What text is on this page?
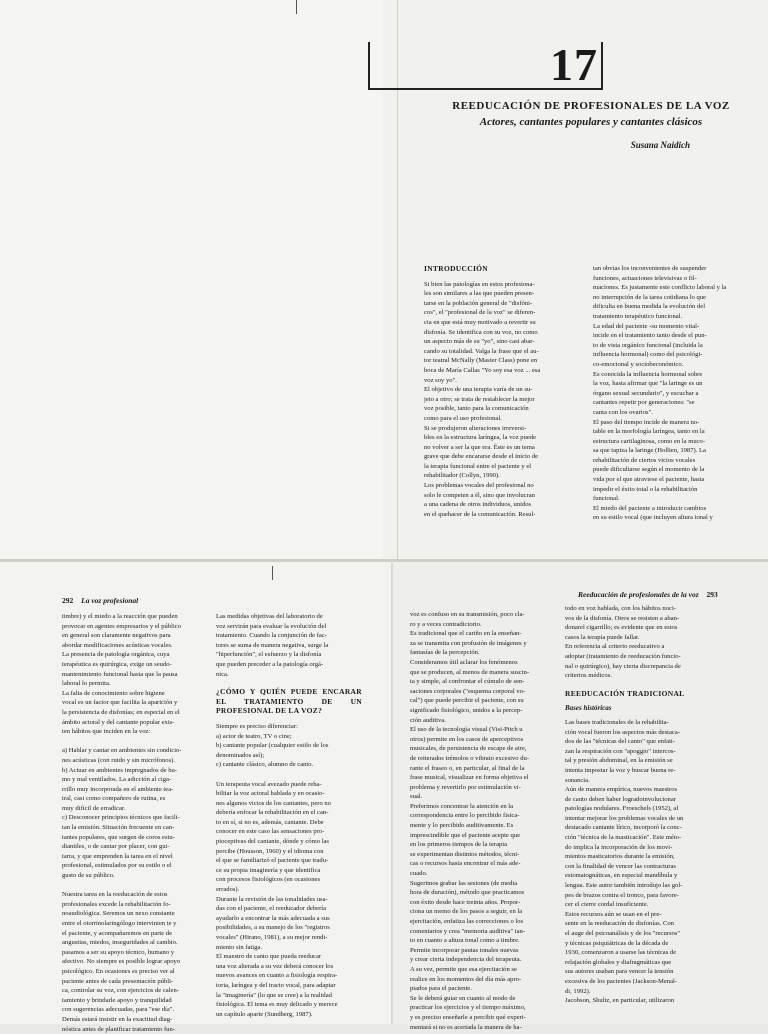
17
REEDUCACIÓN DE PROFESIONALES DE LA VOZ
Actores, cantantes populares y cantantes clásicos
Susana Naidich
INTRODUCCIÓN
Si bien las patologías en estos profesiona-
les son similares a las que pueden presen-
tarse en la población general de "disfóni-
cos", el "profesional de la voz" se diferen-
cia en que está muy motivado a revertir su
disfonía. Se identifica con su voz, no como
un aspecto más de su "yo", sino casi abar-
cando su totalidad. Valga la frase que el au-
tor teatral McNally (Master Class) pone en
boca de María Callas "Yo soy esa voz ... esa
voz soy yo".
El objetivo de una terapia varía de un su-
jeto a otro; se trata de restablecer la mejor
voz posible, tanto para la comunicación
como para el uso profesional.
Si se produjeron alteraciones irreversi-
bles en la estructura laríngea, la voz puede
no volver a ser la que era. Éste es un tema
grave que debe encararse desde el inicio de
la terapia funcional entre el paciente y el
rehabilitador (Collyn, 1990).
Los problemas vocales del profesional no
solo le competen a él, sino que involucran
a una cadena de otros individuos, unidos
en el quehacer de la comunicación. Resul-
tan obvias los inconvenientes de suspender
funciones, actuaciones televisivas o fil-
maciones. Es justamente este conflicto laboral y la
no interrupción de la tarea cotidiana lo que
dificulta en buena medida la evolución del
tratamiento terapéutico funcional.
La edad del paciente -su momento vital-
incide en el tratamiento tanto desde el pun-
to de vista orgánico funcional (incluida la
influencia hormonal) como del psicológi-
co-emocional y sociobeconómico.
Es conocida la influencia hormonal sobre
la voz, hasta afirmar que "la laringe es un
órgano sexual secundario", y escuchar a
cantantes repetir por generaciones: "se
canta con los ovarios".
El paso del tiempo incide de manera no-
table en la morfología laríngea, tanto en la
estructura cartilaginosa, como en la muco-
sa que tapiza la laringe (Hollien, 1987). La
rehabilitación de ciertos vicios vocales
puede dificultarse según el momento de la
vida por el que atraviese el paciente, hasta
impedir el éxito total o la rehabilitación
funcional.
El miedo del paciente a introducir cambios
en su estilo vocal (que incluyen altura tonal y
292 La voz profesional
timbre) y el miedo a la reacción que pueden
provocar en agentes empresarios y el público
en general son claramente negativos para
abordar modificaciones acústicas vocales.
La presencia de patología orgánica, cuya
terapéutica es quirúrgica, exige un seudo-
mantenimiento funcional hasta que la pausa
laboral lo permita.
La falta de conocimiento sobre higiene
vocal es un factor que facilita la aparición y
la persistencia de disfonías; en especial en el
ámbito actoral y del cantante popular exis-
ten hábitos que inciden en la voz:

a) Hablar y cantar en ambientes sin condicio-
nes acústicas (con ruido y sin micrófonos).
b) Actuar en ambientes impregnados de hu-
mo y mal ventilados. La adicción al ciga-
rrillo muy incorporada en el ambiente tea-
tral, casi como compañero de rutina, es
muy difícil de erradicar.
c) Desconocer principios técnicos que facili-
tan la emisión. Situación frecuente en can-
tantes populares, que surgen de coros estu-
diantiles, o de cantar por placer, con gui-
tarra, y que emprenden la tarea en el nivel
profesional, estimulados por su estilo o el
gusto de su público.

Nuestra tarea en la reeducación de estos
profesionales excede la rehabilitación fo-
noaudiológica. Seremos un nexo constante
entre el otorrinolaringólogo intervinien te y
el paciente, y acompañaremos en parte de
angustias, miedos, inseguridades al cambio.
pasamos a ser su apoyo técnico, humano y
afectivo. No siempre es posible lograr apoyo
psicológico. En ocasiones es preciso ver al
paciente antes de cada presentación públi-
ca, controlar su voz, con ejercicios de calen-
tamiento y brindarle apoyo y tranquilidad
con sugerencias adecuadas, para "ese día".
Demás estará insistir en la exactitud diag-
nóstica antes de planificar tratamiento fun-
Las medidas objetivas del laboratorio de
voz servirán para evaluar la evolución del
tratamiento. Cuando la conjunción de fac-
tores se suma de manera negativa, surge la
"hiperfunción", el esfuerzo y la disfonía
que pueden preceder a la patología orgá-
nica.
¿CÓMO Y QUIÉN PUEDE ENCARAR EL TRATAMIENTO DE UN PROFESIONAL DE LA VOZ?
Siempre es preciso diferenciar:
a) actor de teatro, TV o cine;
b) cantante popular (cualquier estilo de los
denominados así);
c) cantante clásico, alumno de canto.

Un terapeuta vocal avezado puede reha-
bilitar la voz actoral hablada y en ocasio-
nes algunos vicios de los cantantes, pero no
debería enfocar la rehabilitación en el can-
to en sí, si no es, además, cantante. Debe
conocer en este caso las sensaciones pro-
pioceptivas del cantante, dónde y cómo las
percibe (Housson, 1960) y el idioma con
el que se familiarizó el paciente que tradu-
ce su propia imaginería y que identifica
con procesos fisiológicos (en ocasiones
errados).
Durante la revisión de las tonalidades usa-
das con el paciente, el reeducador debería
ayudarlo a encontrar la más adecuada a sus
posibilidades, a su manejo de los "registros
vocales" (Hirano, 1981), a su mejor rendi-
miento sin fatiga.
El maestro de canto que pueda reeducar
una voz alterada a su vez deberá conocer los
nuevos avances en cuanto a fisiología respira-
toria, laríngea y del tracto vocal, para adaptar
la "imaginería" (lo que se cree) a la realidad
fisiológica. El tema es muy delicado y merece
un capítulo aparte (Sundberg, 1987).
Reeducación de profesionales de la voz 293
voz es confuso en su transmisión, poco cla-
ro y a veces contradictorio.
Es tradicional que el cariño en la enseñan-
za se transmita con profusión de imágenes y
fantasías de la percepción.
Consideramos útil aclarar los fenómenos
que se producen, al menos de manera suscin-
ta y simple, al confrontar el cúmulo de sen-
saciones corporales ("esquema corporal vo-
cal") que puede percibir el paciente, con su
significado fisiológico, unidos a la percep-
ción auditiva.
El uso de la tecnología visual (Visi-Pitch u
otros) permite en los casos de aperceptivos
musicales, de persistencia de escape de aire,
de reiterados trémolos o vibrato excesivo du-
rante el fraseo o, en particular, al final de la
frase musical, visualizar en forma objetiva el
problema y revertirlo por estimulación vi-
sual.
Preferimos concentrar la atención en la
correspondencia entre lo percibido fisica-
mente y lo percibido auditivamente. Es
imprescindible que el paciente acepte que
en los primeros tiempos de la terapia
se experimentan distintos métodos, técni-
cas o recursos hasta encontrar el más ade-
cuado.
Sugerimos grabar las sesiones (de media
hora de duración), método que practicamos
con éxito desde hace treinta años. Propor-
ciona un memo de los pasos a seguir, en la
ejercitación, enfatiza las correcciones o los
comentarios y crea "memoria auditiva" tan-
to en cuanto a altura tonal como a timbre.
Permite incorporar pautas tonales nuevas
y crear cierta independencia del terapeuta.
A su vez, permite que esa ejercitación se
realice en los momentos del día más apro-
piados para el paciente.
Se le deberá guiar en cuanto al modo de
practicar los ejercicios y el tiempo máximo,
y es preciso enseñarle a percibir qué experi-
mentará si no es acertada la manera de ha-
todo en voz hablada, con los hábitos noci-
vos de la disfonía. Otros se resisten a aban-
donarel cigarrillo; es evidente que en estos
casos la terapia puede fallar.
En referencia al criterio reeducativo a
adoptar (tratamiento de reeducación funcio-
nal o quirúrgico), hay cierta discrepancia de
criterios médicos.
REEDUCACIÓN TRADICIONAL
Bases históricas
Las bases tradicionales de la rehabilita-
ción vocal fueron los aspectos más destaca-
dos de las "técnicas del canto" que enfati-
zan la respiración con "apoggio" intercos-
tal y presión abdominal, en la emisión se
intenta impostar la voz y buscar buena re-
sonancia.
Aún de manera empírica, nuevos maestros
de canto deben haber logradoinvolucionar
patologías nodulares. Froeschels (1952), al
intentar mejorar los problemas vocales de un
destacado cantante lírico, incorporó la conc-
ción "técnica de la masticación". Este méto-
do implica la incorporación de los movi-
mientos masticatorios durante la emisión,
con la finalidad de vencer las contracturas
estomatognáticas, en especial mandíbula y
lengua. Este autor también introdujo las gol-
pes de brazos contra el tronco, para favore-
cer el cierre cordal insuficiente.
Estos recursos aún se usan en el pre-
sente en la reeducación de disfonías. Con
el auge del psicoanálisis y de los "recursos"
y técnicas psiquiátricas de la década de
1930, comenzaron a usarse las técnicas de
relajación globales y diafragmáticas que
sus autores usaban para vencer la tensión
excesiva de los pacientes (Jackson-Menal-
di, 1992).
Jacobson, Shultz, en particular, utilizaron
